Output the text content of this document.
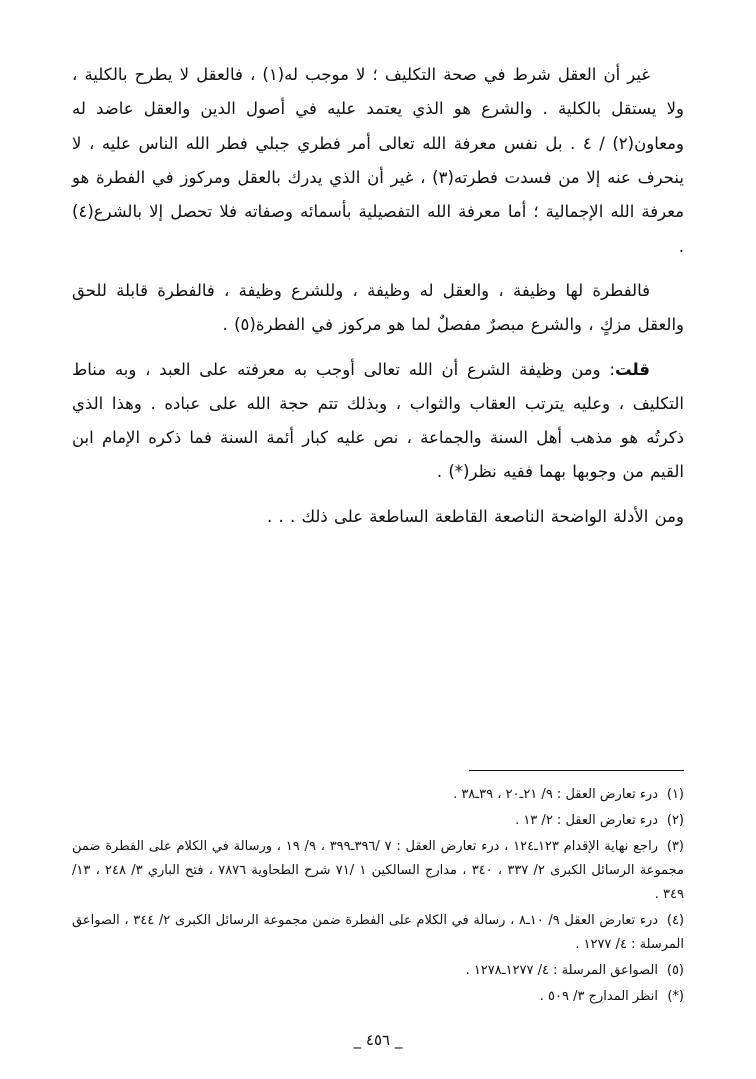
غير أن العقل شرط في صحة التكليف ؛ لا موجب له(١) ، فالعقل لا يطرح بالكلية ، ولا يستقل بالكلية . والشرع هو الذي يعتمد عليه في أصول الدين والعقل عاضد له ومعاون(٢) / ٤ . بل نفس معرفة الله تعالى أمر فطري جبلي فطر الله الناس عليه ، لا ينحرف عنه إلا من فسدت فطرته(٣) ، غير أن الذي يدرك بالعقل ومركوز في الفطرة هو معرفة الله الإجمالية ؛ أما معرفة الله التفصيلية بأسمائه وصفاته فلا تحصل إلا بالشرع(٤) .

فالفطرة لها وظيفة ، والعقل له وظيفة ، وللشرع وظيفة ، فالفطرة قابلة للحق والعقل مزكٍ ، والشرع مبصرٌ مفصلٌ لما هو مركوز في الفطرة(٥) .

قلت: ومن وظيفة الشرع أن الله تعالى أوجب به معرفته على العبد ، وبه مناط التكليف ، وعليه يترتب العقاب والثواب ، وبذلك تتم حجة الله على عباده . وهذا الذي ذكرتُه هو مذهب أهل السنة والجماعة ، نص عليه كبار أئمة السنة فما ذكره الإمام ابن القيم من وجوبها بهما ففيه نظر(*) .

ومن الأدلة الواضحة الناصعة القاطعة الساطعة على ذلك . . .

(١)درء تعارض العقل : ٩/ ٢١ـ٢٠ ، ٣٩ـ٣٨ .

(٢)درء تعارض العقل : ٢/ ١٣ .

(٣)راجع نهاية الإقدام ١٢٣ـ١٢٤ ، درء تعارض العقل : ٧ /٣٩٦ـ٣٩٩ ، ٩/ ١٩ ، ورسالة في الكلام على الفطرة ضمن مجموعة الرسائل الكبرى ٢/ ٣٣٧ ، ٣٤٠ ، مدارج السالكين ١ /٧١ شرح الطحاوية ٧٨٧٦ ، فتح الباري ٣/ ٢٤٨ ، ١٣/ ٣٤٩ .

(٤)درء تعارض العقل ٩/ ١٠ـ٨ ، رسالة في الكلام على الفطرة ضمن مجموعة الرسائل الكبرى ٢/ ٣٤٤ ، الصواعق المرسلة : ٤/ ١٢٧٧ .

(٥)الصواعق المرسلة : ٤/ ١٢٧٧ـ١٢٧٨ .

(*)انظر المدارج ٣/ ٥٠٩ .

_ ٤٥٦ _
